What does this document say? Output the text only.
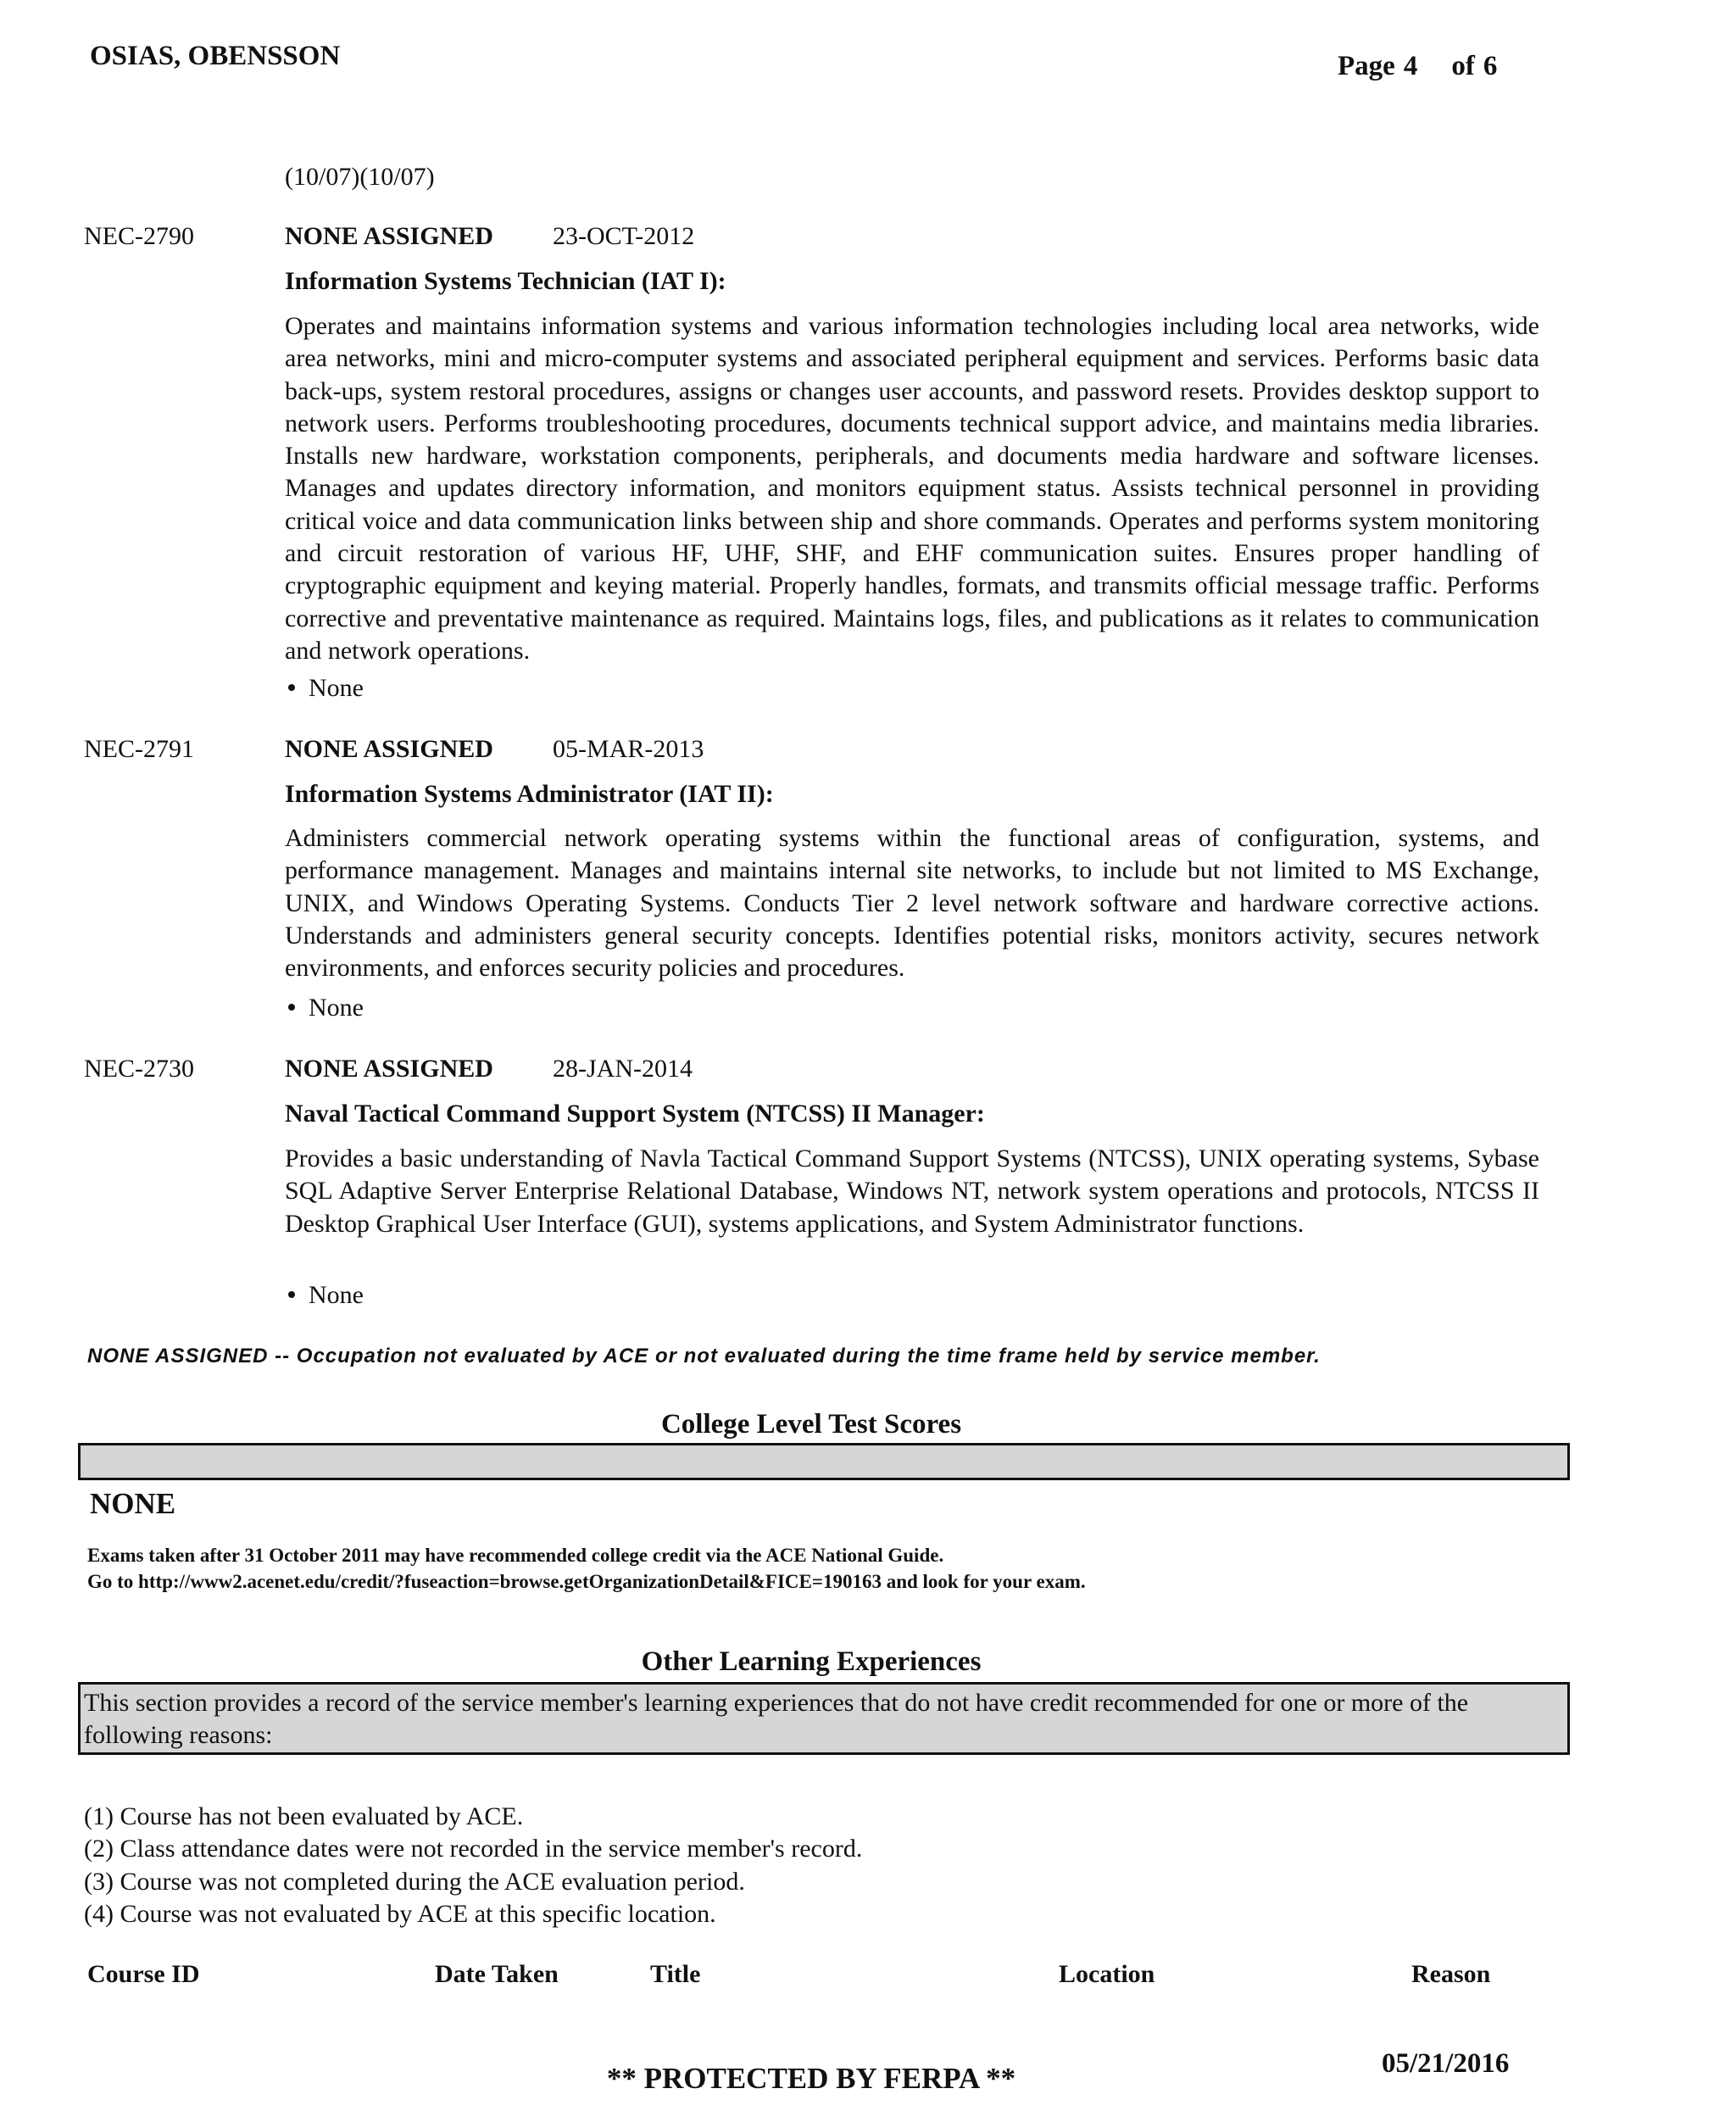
OSIAS, OBENSSON	Page 4 of 6
(10/07)(10/07)
NEC-2790	NONE ASSIGNED 23-OCT-2012
Information Systems Technician (IAT I):
Operates and maintains information systems and various information technologies including local area networks, wide area networks, mini and micro-computer systems and associated peripheral equipment and services. Performs basic data back-ups, system restoral procedures, assigns or changes user accounts, and password resets. Provides desktop support to network users. Performs troubleshooting procedures, documents technical support advice, and maintains media libraries. Installs new hardware, workstation components, peripherals, and documents media hardware and software licenses. Manages and updates directory information, and monitors equipment status. Assists technical personnel in providing critical voice and data communication links between ship and shore commands. Operates and performs system monitoring and circuit restoration of various HF, UHF, SHF, and EHF communication suites. Ensures proper handling of cryptographic equipment and keying material. Properly handles, formats, and transmits official message traffic. Performs corrective and preventative maintenance as required. Maintains logs, files, and publications as it relates to communication and network operations.
None
NEC-2791	NONE ASSIGNED 05-MAR-2013
Information Systems Administrator (IAT II):
Administers commercial network operating systems within the functional areas of configuration, systems, and performance management. Manages and maintains internal site networks, to include but not limited to MS Exchange, UNIX, and Windows Operating Systems. Conducts Tier 2 level network software and hardware corrective actions. Understands and administers general security concepts. Identifies potential risks, monitors activity, secures network environments, and enforces security policies and procedures.
None
NEC-2730	NONE ASSIGNED 28-JAN-2014
Naval Tactical Command Support System (NTCSS) II Manager:
Provides a basic understanding of Navla Tactical Command Support Systems (NTCSS), UNIX operating systems, Sybase SQL Adaptive Server Enterprise Relational Database, Windows NT, network system operations and protocols, NTCSS II Desktop Graphical User Interface (GUI), systems applications, and System Administrator functions.
None
NONE ASSIGNED -- Occupation not evaluated by ACE or not evaluated during the time frame held by service member.
College Level Test Scores
NONE
Exams taken after 31 October 2011 may have recommended college credit via the ACE National Guide.
Go to http://www2.acenet.edu/credit/?fuseaction=browse.getOrganizationDetail&FICE=190163 and look for your exam.
Other Learning Experiences
This section provides a record of the service member's learning experiences that do not have credit recommended for one or more of the following reasons:
(1) Course has not been evaluated by ACE.
(2) Class attendance dates were not recorded in the service member's record.
(3) Course was not completed during the ACE evaluation period.
(4) Course was not evaluated by ACE at this specific location.
Course ID	Date Taken	Title	Location	Reason
05/21/2016
** PROTECTED BY FERPA **
